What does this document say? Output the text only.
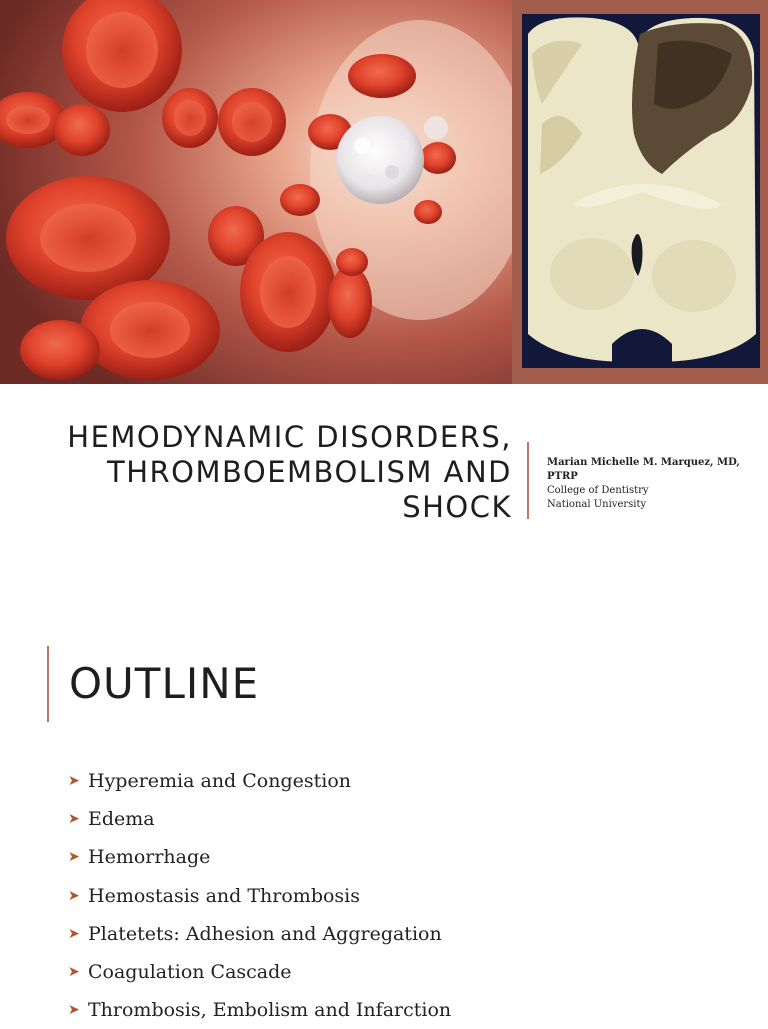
HEMODYNAMIC DISORDERS,
THROMBOEMBOLISM AND
SHOCK
Marian Michelle M. Marquez, MD, PTRP
College of Dentistry
National University
OUTLINE
➤ Hyperemia and Congestion
➤ Edema
➤ Hemorrhage
➤ Hemostasis and Thrombosis
➤ Platetets: Adhesion and Aggregation
➤ Coagulation Cascade
➤ Thrombosis, Embolism and Infarction
